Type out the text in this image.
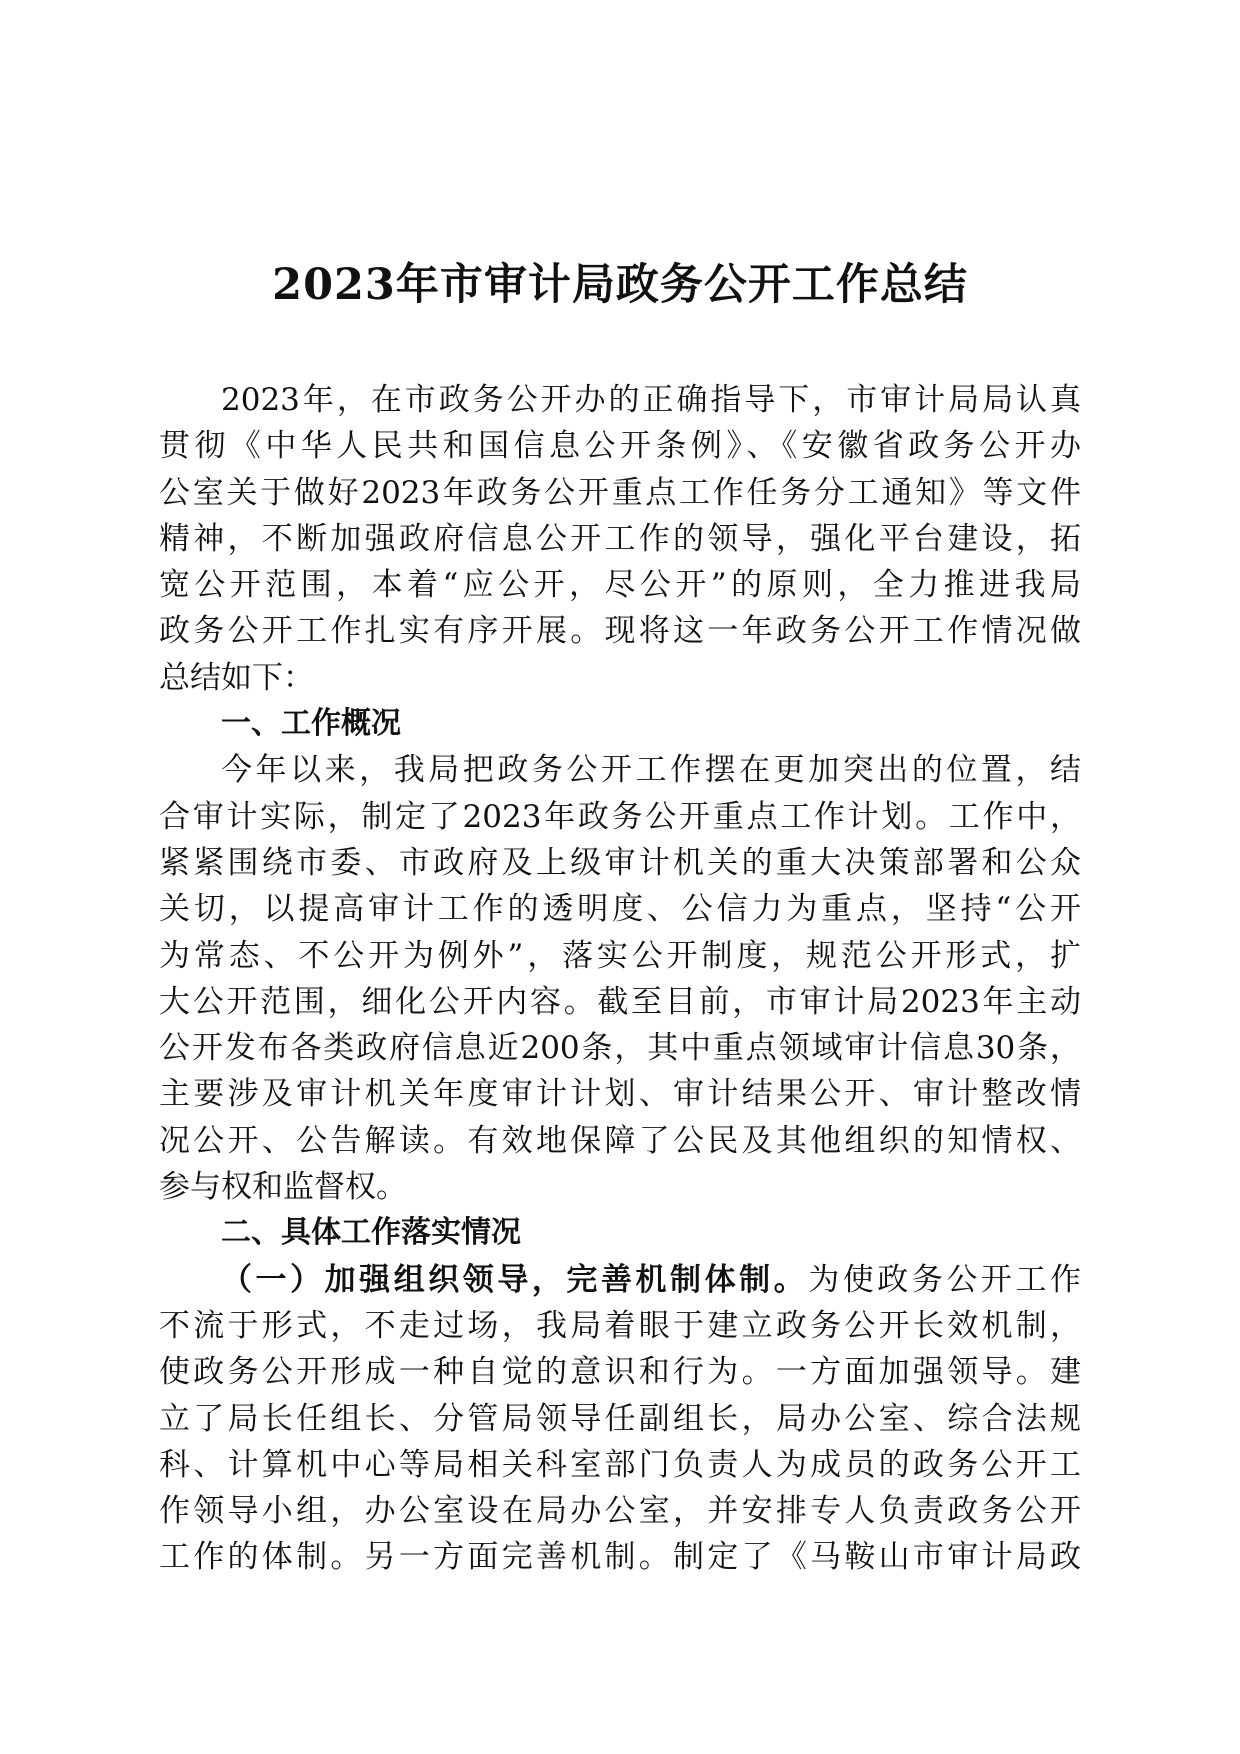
2023年市审计局政务公开工作总结
2023年，在市政务公开办的正确指导下，市审计局局认真
贯彻《中华人民共和国信息公开条例》、《安徽省政务公开办
公室关于做好2023年政务公开重点工作任务分工通知》等文件
精神，不断加强政府信息公开工作的领导，强化平台建设，拓
宽公开范围，本着“应公开，尽公开”的原则，全力推进我局
政务公开工作扎实有序开展。现将这一年政务公开工作情况做
总结如下：
一、工作概况
今年以来，我局把政务公开工作摆在更加突出的位置，结
合审计实际，制定了2023年政务公开重点工作计划。工作中，
紧紧围绕市委、市政府及上级审计机关的重大决策部署和公众
关切，以提高审计工作的透明度、公信力为重点，坚持“公开
为常态、不公开为例外”，落实公开制度，规范公开形式，扩
大公开范围，细化公开内容。截至目前，市审计局2023年主动
公开发布各类政府信息近200条，其中重点领域审计信息30条，
主要涉及审计机关年度审计计划、审计结果公开、审计整改情
况公开、公告解读。有效地保障了公民及其他组织的知情权、
参与权和监督权。
二、具体工作落实情况
（一）加强组织领导，完善机制体制。为使政务公开工作
不流于形式，不走过场，我局着眼于建立政务公开长效机制，
使政务公开形成一种自觉的意识和行为。一方面加强领导。建
立了局长任组长、分管局领导任副组长，局办公室、综合法规
科、计算机中心等局相关科室部门负责人为成员的政务公开工
作领导小组，办公室设在局办公室，并安排专人负责政务公开
工作的体制。另一方面完善机制。制定了《马鞍山市审计局政
